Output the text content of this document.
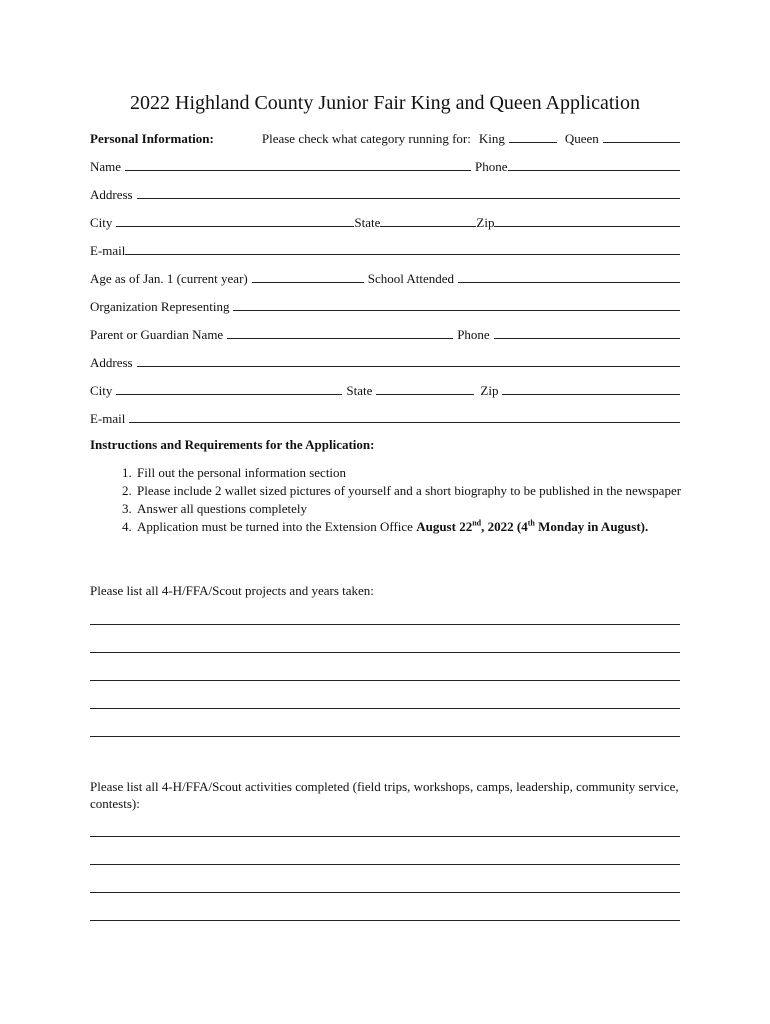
2022 Highland County Junior Fair King and Queen Application
Personal Information:	Please check what category running for: King	Queen
Name	Phone
Address
City	State	Zip
E-mail
Age as of Jan. 1 (current year)	School Attended
Organization Representing
Parent or Guardian Name	Phone
Address
City	State	Zip
E-mail
Instructions and Requirements for the Application:
1. Fill out the personal information section
2. Please include 2 wallet sized pictures of yourself and a short biography to be published in the newspaper
3. Answer all questions completely
4. Application must be turned into the Extension Office August 22nd, 2022 (4th Monday in August).
Please list all 4-H/FFA/Scout projects and years taken:
Please list all 4-H/FFA/Scout activities completed (field trips, workshops, camps, leadership, community service, contests):
